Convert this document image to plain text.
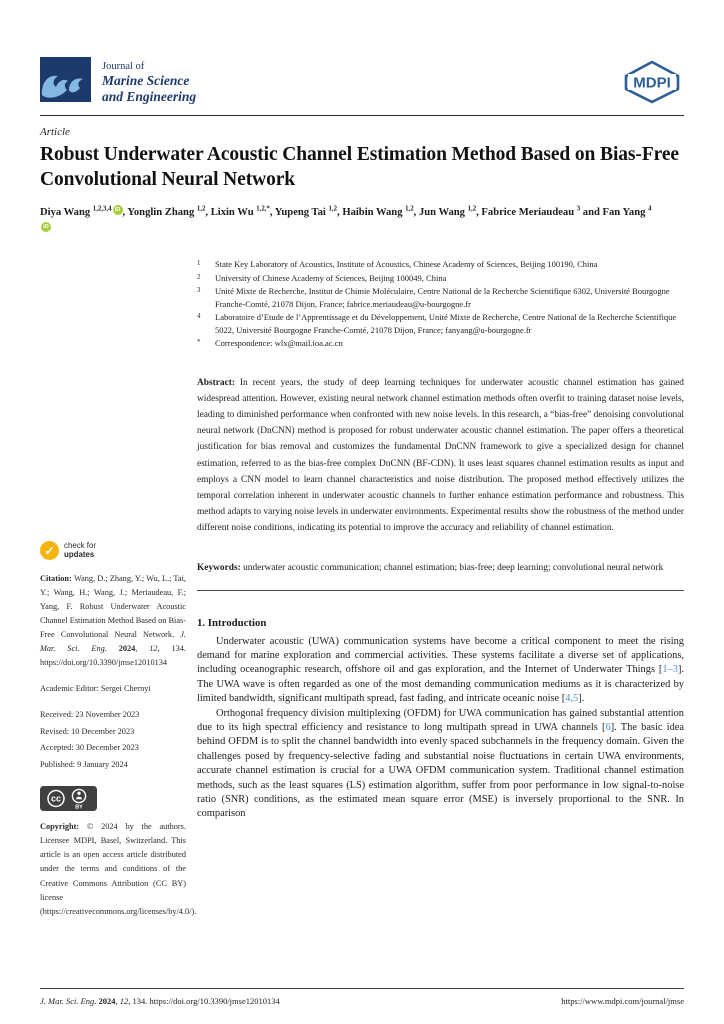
Journal of
Marine Science
and Engineering
MDPI
Article
Robust Underwater Acoustic Channel Estimation Method Based on Bias-Free Convolutional Neural Network
Diya Wang $^{1,2,3,4}$ iD , Yonglin Zhang $^{1,2}$, Lixin Wu $^{1,2,*}$, Yupeng Tai $^{1,2}$, Haibin Wang $^{1,2}$, Jun Wang $^{1,2}$, Fabrice Meriaudeau $^3$ and Fan Yang $^4$iD
✓	check for
updates
Citation: Wang, D.; Zhang, Y.; Wu, L.; Tai, Y.; Wang, H.; Wang, J.; Meriaudeau, F.; Yang, F. Robust Underwater Acoustic Channel Estimation Method Based on Bias-Free Convolutional Neural Network. J. Mar. Sci. Eng. 2024, 12, 134. https://doi.org/10.3390/jmse12010134
Academic Editor: Sergei Chernyi
Received: 23 November 2023
Revised: 10 December 2023
Accepted: 30 December 2023
Published: 9 January 2024
cc
BY
Copyright: © 2024 by the authors. Licensee MDPI, Basel, Switzerland. This article is an open access article distributed under the terms and conditions of the Creative Commons Attribution (CC BY) license (https://creativecommons.org/licenses/by/4.0/).
1	State Key Laboratory of Acoustics, Institute of Acoustics, Chinese Academy of Sciences, Beijing 100190, China
2	University of Chinese Academy of Sciences, Beijing 100049, China
3	Unité Mixte de Recherche, Institut de Chimie Moléculaire, Centre National de la Recherche Scientifique 6302, Université Bourgogne Franche-Comté, 21078 Dijon, France; fabrice.meriaudeau@u-bourgogne.fr
4	Laboratoire d’Etude de l’Apprentissage et du Développement, Unité Mixte de Recherche, Centre National de la Recherche Scientifique 5022, Université Bourgogne Franche-Comté, 21078 Dijon, France; fanyang@u-bourgogne.fr
*	Correspondence: wlx@mail.ioa.ac.cn

Abstract: In recent years, the study of deep learning techniques for underwater acoustic channel estimation has gained widespread attention. However, existing neural network channel estimation methods often overfit to training dataset noise levels, leading to diminished performance when confronted with new noise levels. In this research, a “bias-free” denoising convolutional neural network (DnCNN) method is proposed for robust underwater acoustic channel estimation. The paper offers a theoretical justification for bias removal and customizes the fundamental DnCNN framework to give a specialized design for channel estimation, referred to as the bias-free complex DnCNN (BF-CDN). It uses least squares channel estimation results as input and employs a CNN model to learn channel characteristics and noise distribution. The proposed method effectively utilizes the temporal correlation inherent in underwater acoustic channels to further enhance estimation performance and robustness. This method adapts to varying noise levels in underwater environments. Experimental results show the robustness of the method under different noise conditions, indicating its potential to improve the accuracy and reliability of channel estimation.

Keywords: underwater acoustic communication; channel estimation; bias-free; deep learning; convolutional neural network

1. Introduction

Underwater acoustic (UWA) communication systems have become a critical component to meet the rising demand for marine exploration and commercial activities. These systems facilitate a diverse set of applications, including oceanographic research, offshore oil and gas exploration, and the Internet of Underwater Things [1–3]. The UWA wave is often regarded as one of the most demanding communication mediums as it is characterized by limited bandwidth, significant multipath spread, fast fading, and intricate oceanic noise [4,5].

Orthogonal frequency division multiplexing (OFDM) for UWA communication has gained substantial attention due to its high spectral efficiency and resistance to long multipath spread in UWA channels [6]. The basic idea behind OFDM is to split the channel bandwidth into evenly spaced subchannels in the frequency domain. Given the challenges posed by frequency-selective fading and substantial noise fluctuations in certain UWA environments, accurate channel estimation is crucial for a UWA OFDM communication system. Traditional channel estimation methods, such as the least squares (LS) estimation algorithm, suffer from poor performance in low signal-to-noise ratio (SNR) conditions, as the estimated mean square error (MSE) is inversely proportional to the SNR. In comparison

J. Mar. Sci. Eng. 2024, 12, 134. https://doi.org/10.3390/jmse12010134	https://www.mdpi.com/journal/jmse
